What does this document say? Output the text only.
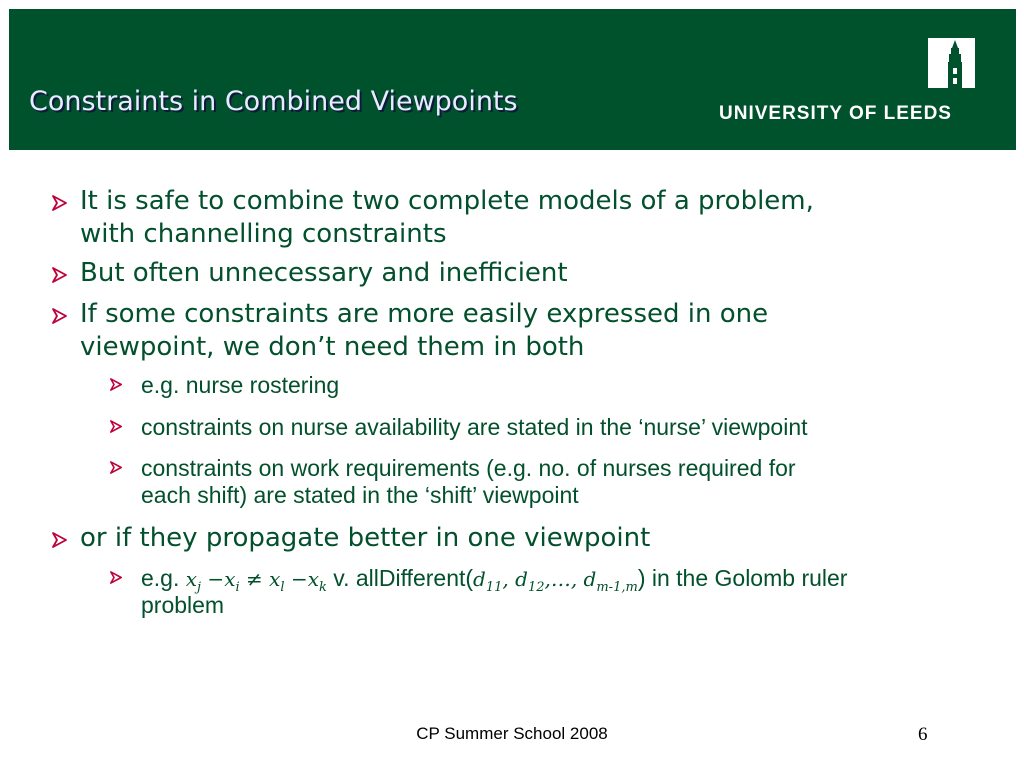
Constraints in Combined Viewpoints	UNIVERSITY OF LEEDS
It is safe to combine two complete models of a problem,
with channelling constraints
But often unnecessary and inefficient
If some constraints are more easily expressed in one
viewpoint, we don’t need them in both
e.g. nurse rostering
constraints on nurse availability are stated in the ‘nurse’ viewpoint
constraints on work requirements (e.g. no. of nurses required for
each shift) are stated in the ‘shift’ viewpoint
or if they propagate better in one viewpoint
e.g. $x_j -x_i \ne x_l -x_k$ v. $allDifferent(d_{11}$, $d_{12},\dots$, $d_{m-1,m}$) in the Golomb ruler
problem
CP Summer School 2008	6
